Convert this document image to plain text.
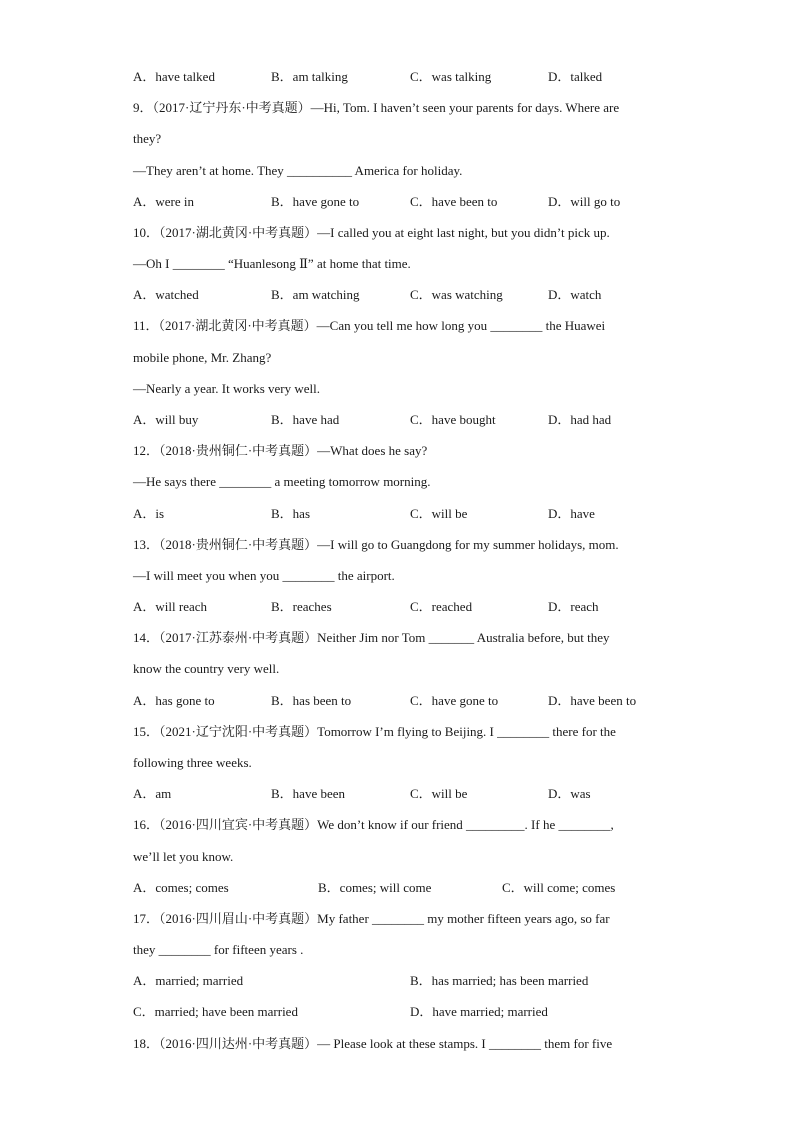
A．have talked	B．am talking	C．was talking	D．talked
9．（2017·辽宁丹东·中考真题）—Hi, Tom. I haven’t seen your parents for days. Where are
they?
—They aren’t at home. They __________ America for holiday.
A．were in	B．have gone to	C．have been to	D．will go to
10．（2017·湖北黄冈·中考真题）—I called you at eight last night, but you didn’t pick up.
—Oh I ________ “Huanlesong Ⅱ” at home that time.
A．watched	B．am watching	C．was watching	D．watch
11．（2017·湖北黄冈·中考真题）—Can you tell me how long you ________ the Huawei
mobile phone, Mr. Zhang?
—Nearly a year. It works very well.
A．will buy	B．have had	C．have bought	D．had had
12．（2018·贵州铜仁·中考真题）—What does he say?
—He says there ________ a meeting tomorrow morning.
A．is	B．has	C．will be	D．have
13．（2018·贵州铜仁·中考真题）—I will go to Guangdong for my summer holidays, mom.
—I will meet you when you ________ the airport.
A．will reach	B．reaches	C．reached	D．reach
14．（2017·江苏泰州·中考真题）Neither Jim nor Tom _______ Australia before, but they
know the country very well.
A．has gone to	B．has been to	C．have gone to	D．have been to
15．（2021·辽宁沈阳·中考真题）Tomorrow I’m flying to Beijing. I ________ there for the
following three weeks.
A．am	B．have been	C．will be	D．was
16．（2016·四川宜宾·中考真题）We don’t know if our friend _________. If he ________,
we’ll let you know.
A．comes; comes	B．comes; will come	C．will come; comes
17．（2016·四川眉山·中考真题）My father ________ my mother fifteen years ago, so far
they ________ for fifteen years .
A．married; married	B．has married; has been married
C．married; have been married	D．have married; married
18．（2016·四川达州·中考真题）— Please look at these stamps. I ________ them for five
